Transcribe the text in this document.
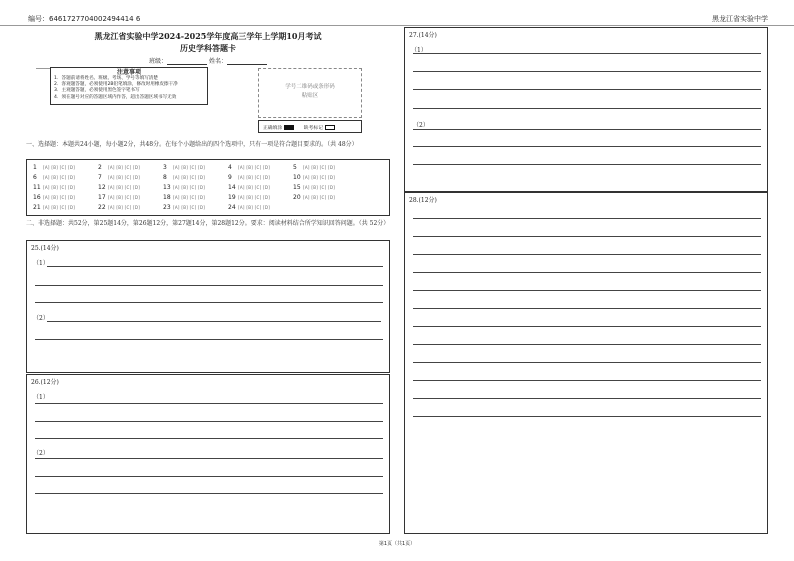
编号：6461727704002494414 6	黑龙江省实验中学
黑龙江省实验中学2024-2025学年度高三学年上学期10月考试
历史学科答题卡
班级：	姓名：
注意事项
1．答题前请将姓名、班级、考场、学号等填写清楚
2．客观题答题，必须使用2B铅笔填涂，修改时用橡皮擦干净
3．主观题答题，必须使用黑色签字笔书写
4．须在题号对应的答题区域内作答，超出答题区域书写无效
学号二维码或条形码
粘贴区
正确填涂	缺考标记
一、选择题：本题共24小题，每小题2分，共48分。在每个小题给出的四个选项中，只有一项是符合题目要求的。（共 48分）
1 [A] [B] [C] [D]	2 [A] [B] [C] [D]	3 [A] [B] [C] [D]	4 [A] [B] [C] [D]	5 [A] [B] [C] [D]
6 [A] [B] [C] [D]	7 [A] [B] [C] [D]	8 [A] [B] [C] [D]	9 [A] [B] [C] [D]	10 [A] [B] [C] [D]
11 [A] [B] [C] [D]	12 [A] [B] [C] [D]	13 [A] [B] [C] [D]	14 [A] [B] [C] [D]	15 [A] [B] [C] [D]
16 [A] [B] [C] [D]	17 [A] [B] [C] [D]	18 [A] [B] [C] [D]	19 [A] [B] [C] [D]	20 [A] [B] [C] [D]
21 [A] [B] [C] [D]	22 [A] [B] [C] [D]	23 [A] [B] [C] [D]	24 [A] [B] [C] [D]
二、非选择题：共52分，第25题14分，第26题12分，第27题14分，第28题12分。要求：阅读材料结合所学知识回答问题。（共 52分）
25.(14分)
（1）
（2）
26.(12分)
（1）
（2）
27.(14分)
（1）
（2）
28.(12分)
第1页（共1页）
